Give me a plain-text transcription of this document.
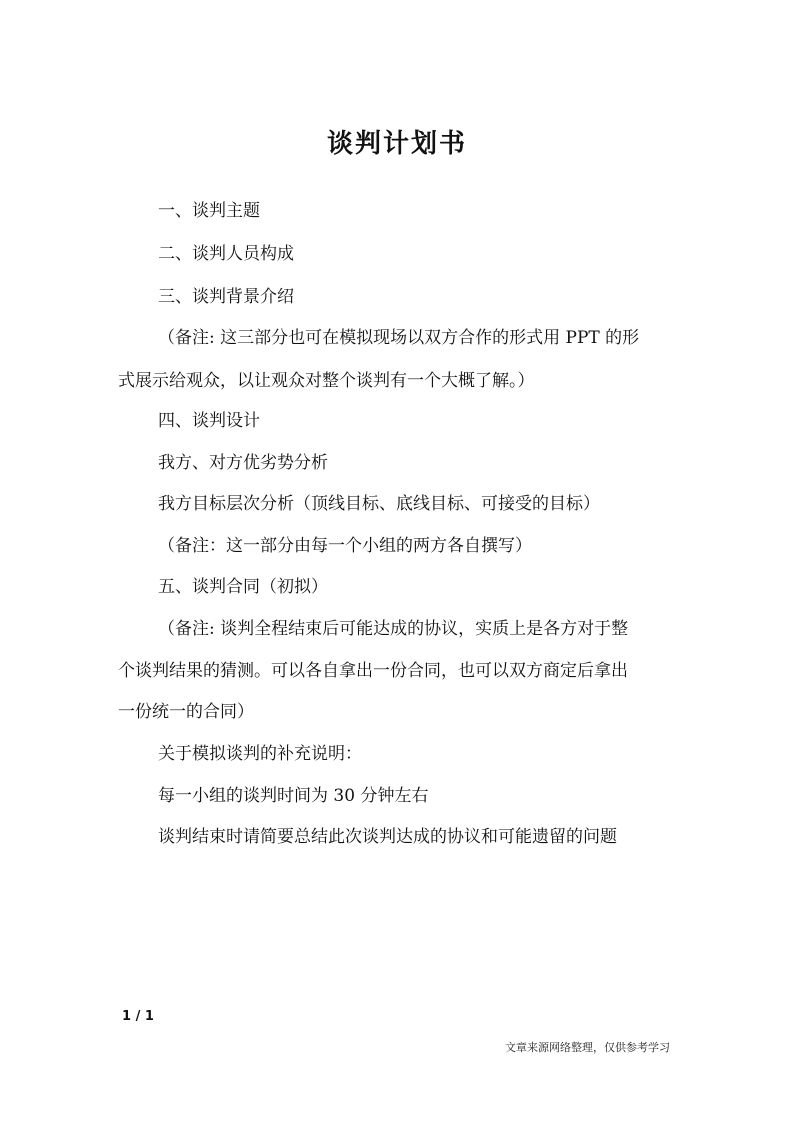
谈判计划书
一、谈判主题
二、谈判人员构成
三、谈判背景介绍
（备注: 这三部分也可在模拟现场以双方合作的形式用 PPT 的形
式展示给观众，以让观众对整个谈判有一个大概了解。）
四、谈判设计
我方、对方优劣势分析
我方目标层次分析（顶线目标、底线目标、可接受的目标）
（备注：这一部分由每一个小组的两方各自撰写）
五、谈判合同（初拟）
（备注: 谈判全程结束后可能达成的协议，实质上是各方对于整
个谈判结果的猜测。可以各自拿出一份合同，也可以双方商定后拿出
一份统一的合同）
关于模拟谈判的补充说明：
每一小组的谈判时间为 30 分钟左右
谈判结束时请简要总结此次谈判达成的协议和可能遗留的问题
1 / 1
文章来源网络整理，仅供参考学习
